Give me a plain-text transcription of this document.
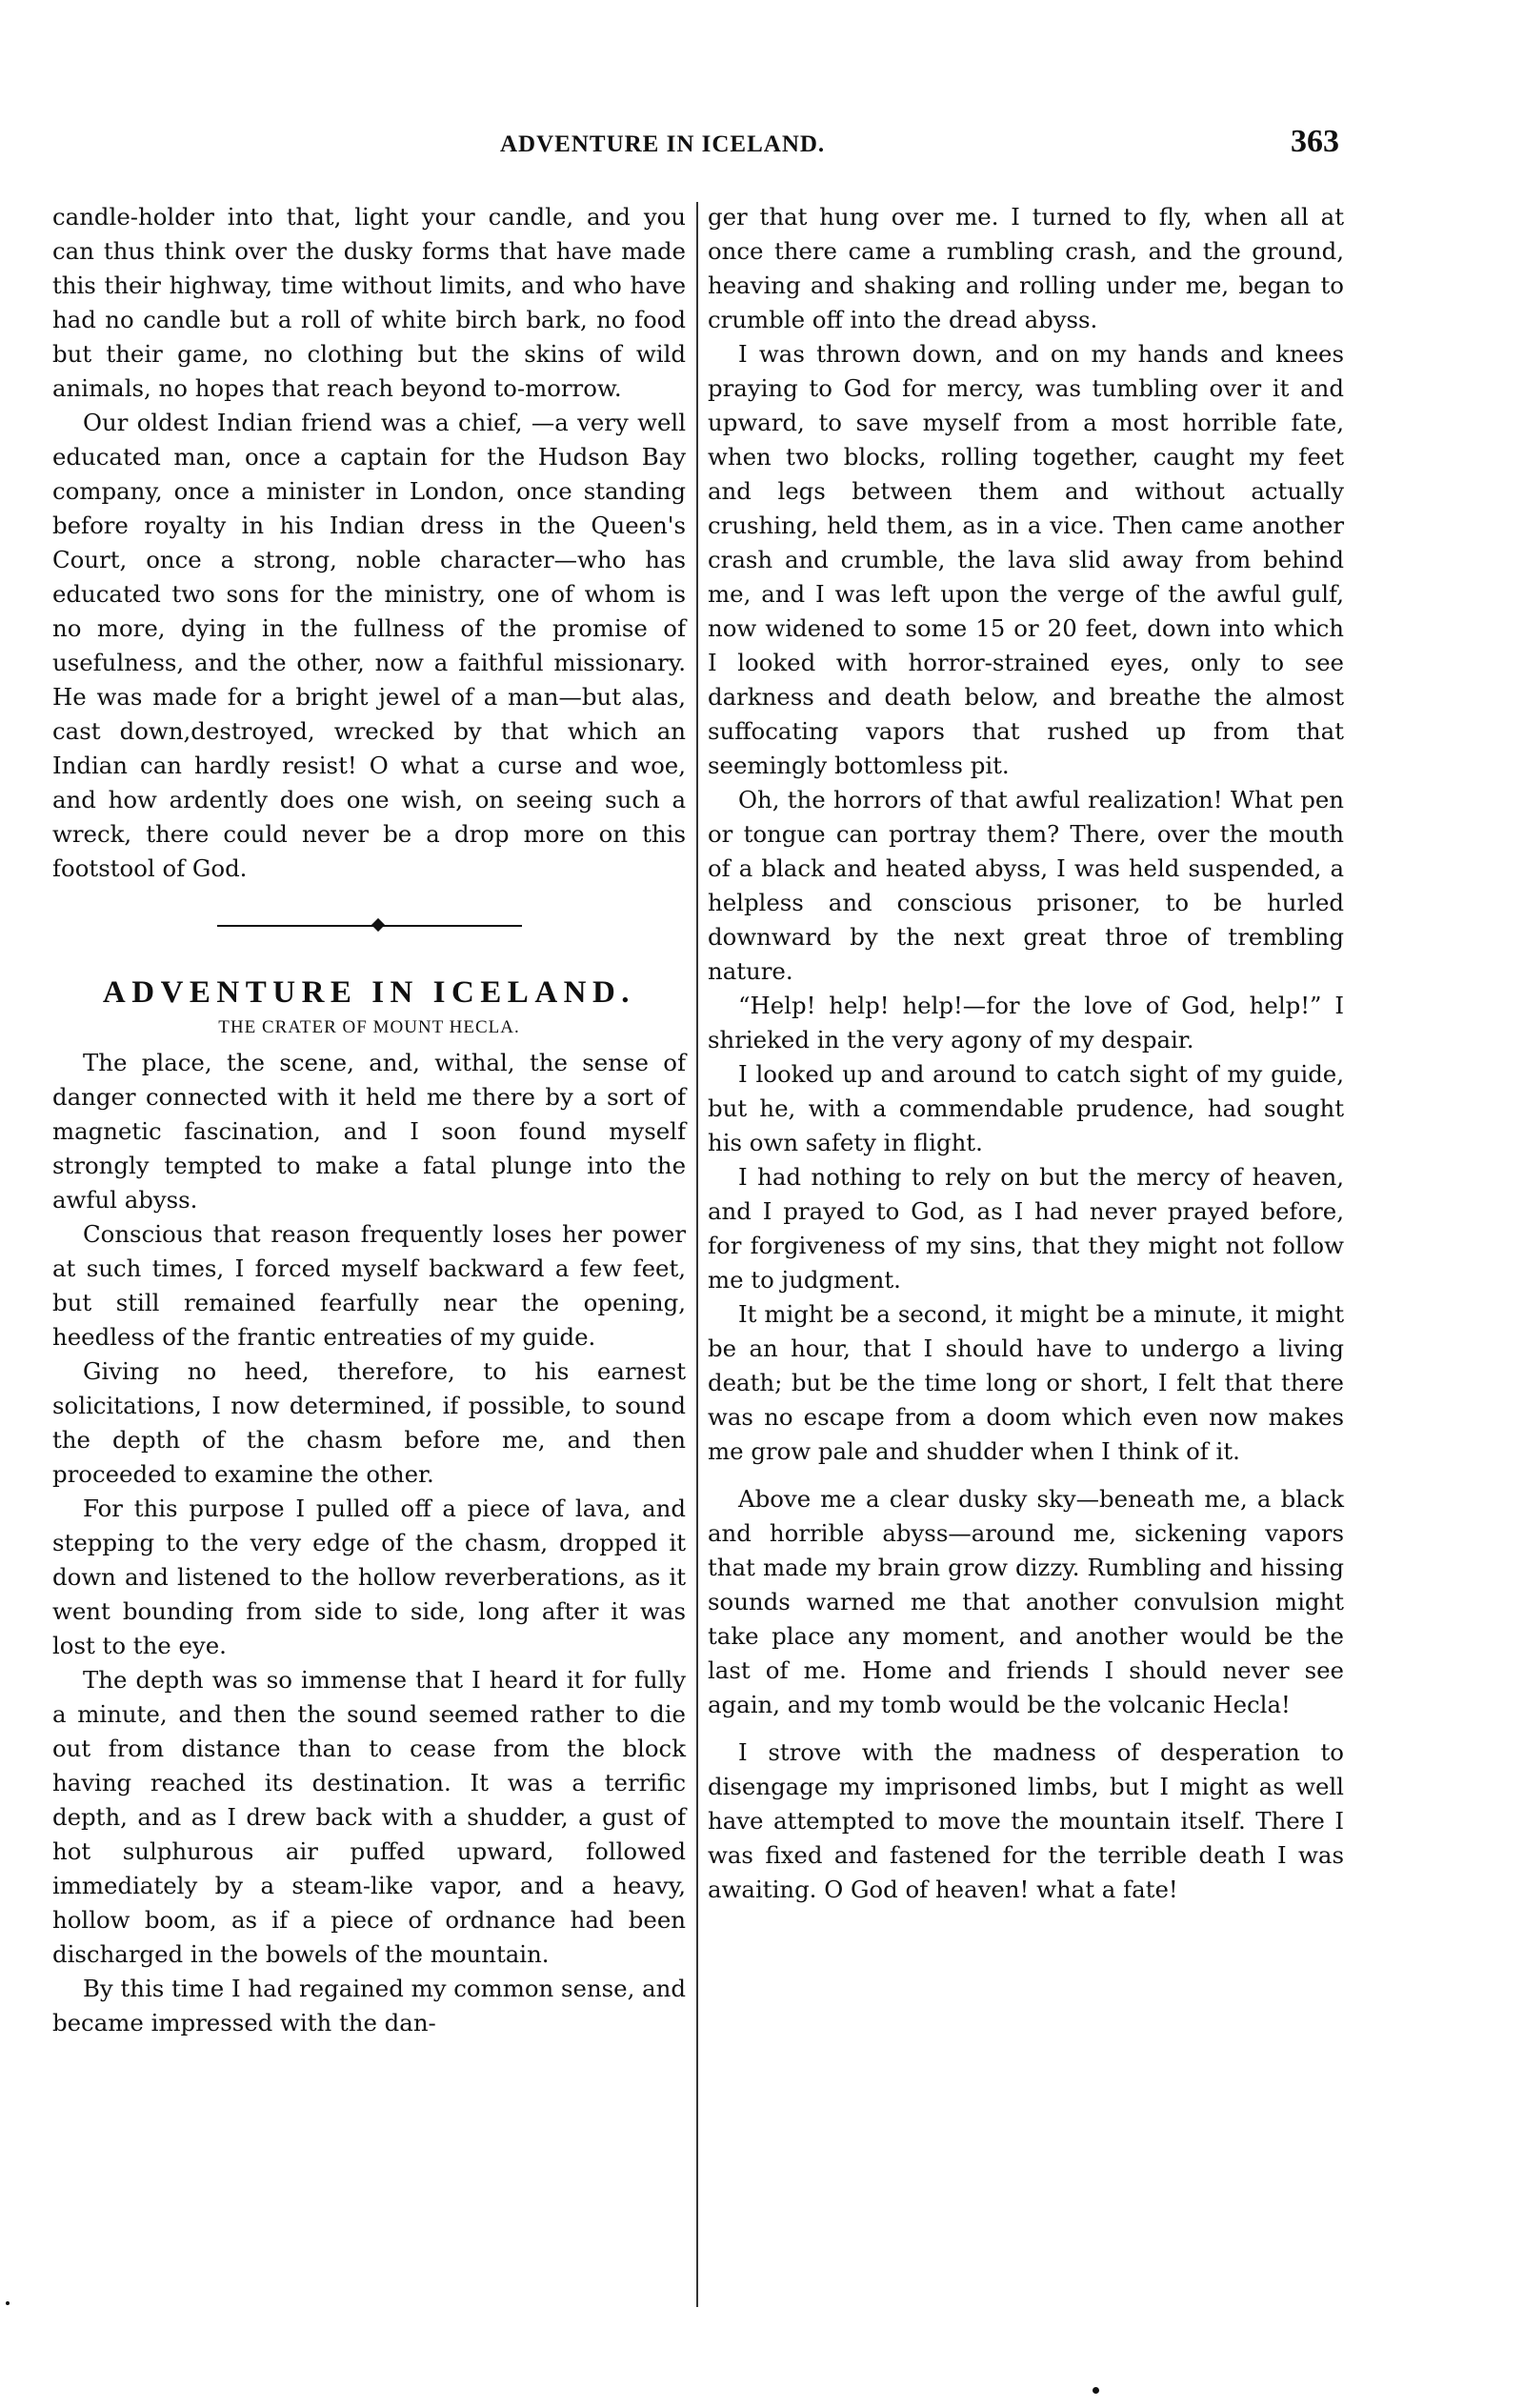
ADVENTURE IN ICELAND.	363

candle-holder into that, light your candle, and you can thus think over the dusky forms that have made this their highway, time without limits, and who have had no candle but a roll of white birch bark, no food but their game, no clothing but the skins of wild animals, no hopes that reach beyond to-morrow.

Our oldest Indian friend was a chief, —a very well educated man, once a captain for the Hudson Bay company, once a minister in London, once standing before royalty in his Indian dress in the Queen's Court, once a strong, noble character—who has educated two sons for the ministry, one of whom is no more, dying in the fullness of the promise of usefulness, and the other, now a faithful missionary. He was made for a bright jewel of a man—but alas, cast down,destroyed, wrecked by that which an Indian can hardly resist! O what a curse and woe, and how ardently does one wish, on seeing such a wreck, there could never be a drop more on this footstool of God.

ADVENTURE IN ICELAND.
THE CRATER OF MOUNT HECLA.

The place, the scene, and, withal, the sense of danger connected with it held me there by a sort of magnetic fascination, and I soon found myself strongly tempted to make a fatal plunge into the awful abyss.

Conscious that reason frequently loses her power at such times, I forced myself backward a few feet, but still remained fearfully near the opening, heedless of the frantic entreaties of my guide.

Giving no heed, therefore, to his earnest solicitations, I now determined, if possible, to sound the depth of the chasm before me, and then proceeded to examine the other.

For this purpose I pulled off a piece of lava, and stepping to the very edge of the chasm, dropped it down and listened to the hollow reverberations, as it went bounding from side to side, long after it was lost to the eye.

The depth was so immense that I heard it for fully a minute, and then the sound seemed rather to die out from distance than to cease from the block having reached its destination. It was a terrific depth, and as I drew back with a shudder, a gust of hot sulphurous air puffed upward, followed immediately by a steam-like vapor, and a heavy, hollow boom, as if a piece of ordnance had been discharged in the bowels of the mountain.

By this time I had regained my common sense, and became impressed with the dan-

ger that hung over me. I turned to fly, when all at once there came a rumbling crash, and the ground, heaving and shaking and rolling under me, began to crumble off into the dread abyss.

I was thrown down, and on my hands and knees praying to God for mercy, was tumbling over it and upward, to save myself from a most horrible fate, when two blocks, rolling together, caught my feet and legs between them and without actually crushing, held them, as in a vice. Then came another crash and crumble, the lava slid away from behind me, and I was left upon the verge of the awful gulf, now widened to some 15 or 20 feet, down into which I looked with horror-strained eyes, only to see darkness and death below, and breathe the almost suffocating vapors that rushed up from that seemingly bottomless pit.

Oh, the horrors of that awful realization! What pen or tongue can portray them? There, over the mouth of a black and heated abyss, I was held suspended, a helpless and conscious prisoner, to be hurled downward by the next great throe of trembling nature.

“Help! help! help!—for the love of God, help!” I shrieked in the very agony of my despair.

I looked up and around to catch sight of my guide, but he, with a commendable prudence, had sought his own safety in flight.

I had nothing to rely on but the mercy of heaven, and I prayed to God, as I had never prayed before, for forgiveness of my sins, that they might not follow me to judgment.

It might be a second, it might be a minute, it might be an hour, that I should have to undergo a living death; but be the time long or short, I felt that there was no escape from a doom which even now makes me grow pale and shudder when I think of it.

Above me a clear dusky sky—beneath me, a black and horrible abyss—around me, sickening vapors that made my brain grow dizzy. Rumbling and hissing sounds warned me that another convulsion might take place any moment, and another would be the last of me. Home and friends I should never see again, and my tomb would be the volcanic Hecla!

I strove with the madness of desperation to disengage my imprisoned limbs, but I might as well have attempted to move the mountain itself. There I was fixed and fastened for the terrible death I was awaiting. O God of heaven! what a fate!
